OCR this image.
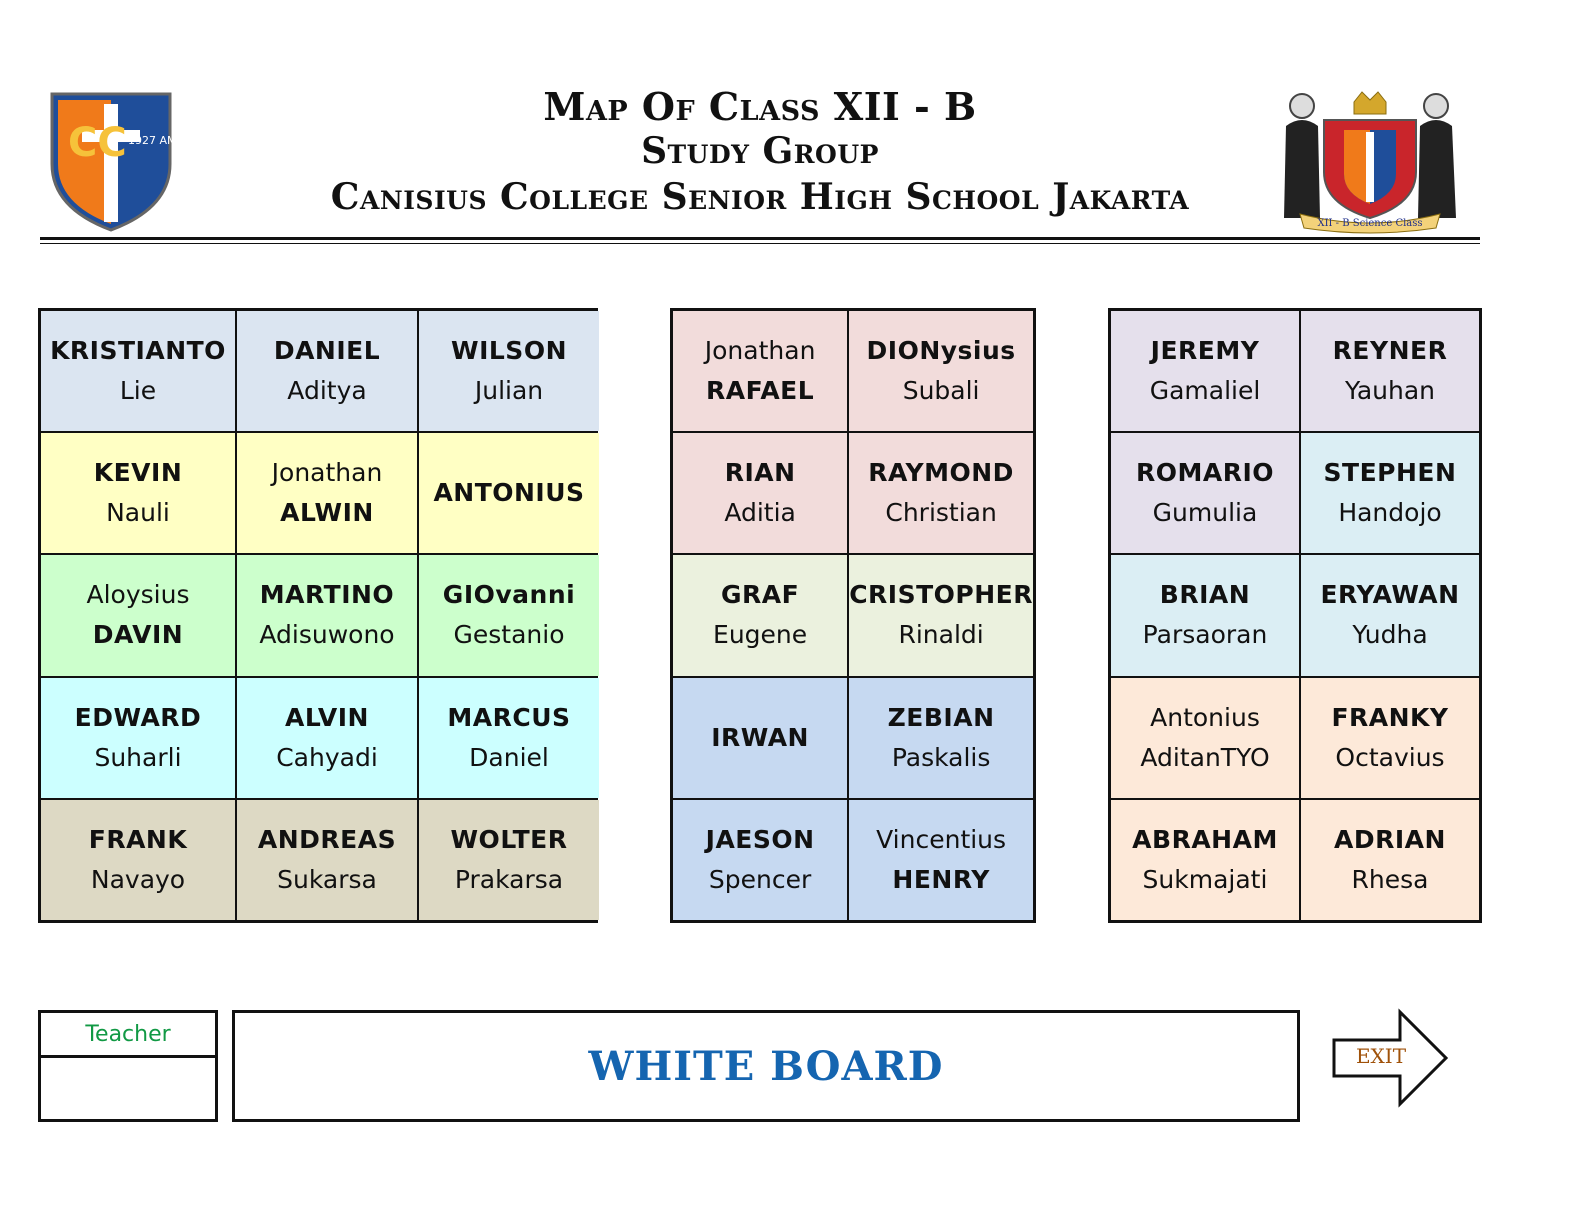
CC 1927 AMDG
Map Of Class XII - B
Study Group
Canisius College Senior High School Jakarta
XII - B Science Class
KRISTIANTO
Lie
DANIEL
Aditya
WILSON
Julian
KEVIN
Nauli
Jonathan
ALWIN
ANTONIUS
Aloysius
DAVIN
MARTINO
Adisuwono
GIOvanni
Gestanio
EDWARD
Suharli
ALVIN
Cahyadi
MARCUS
Daniel
FRANK
Navayo
ANDREAS
Sukarsa
WOLTER
Prakarsa
Jonathan
RAFAEL
DIONysius
Subali
RIAN
Aditia
RAYMOND
Christian
GRAF
Eugene
CRISTOPHER
Rinaldi
IRWAN
ZEBIAN
Paskalis
JAESON
Spencer
Vincentius
HENRY
JEREMY
Gamaliel
REYNER
Yauhan
ROMARIO
Gumulia
STEPHEN
Handojo
BRIAN
Parsaoran
ERYAWAN
Yudha
Antonius
AditanTYO
FRANKY
Octavius
ABRAHAM
Sukmajati
ADRIAN
Rhesa
Teacher
WHITE BOARD	EXIT
